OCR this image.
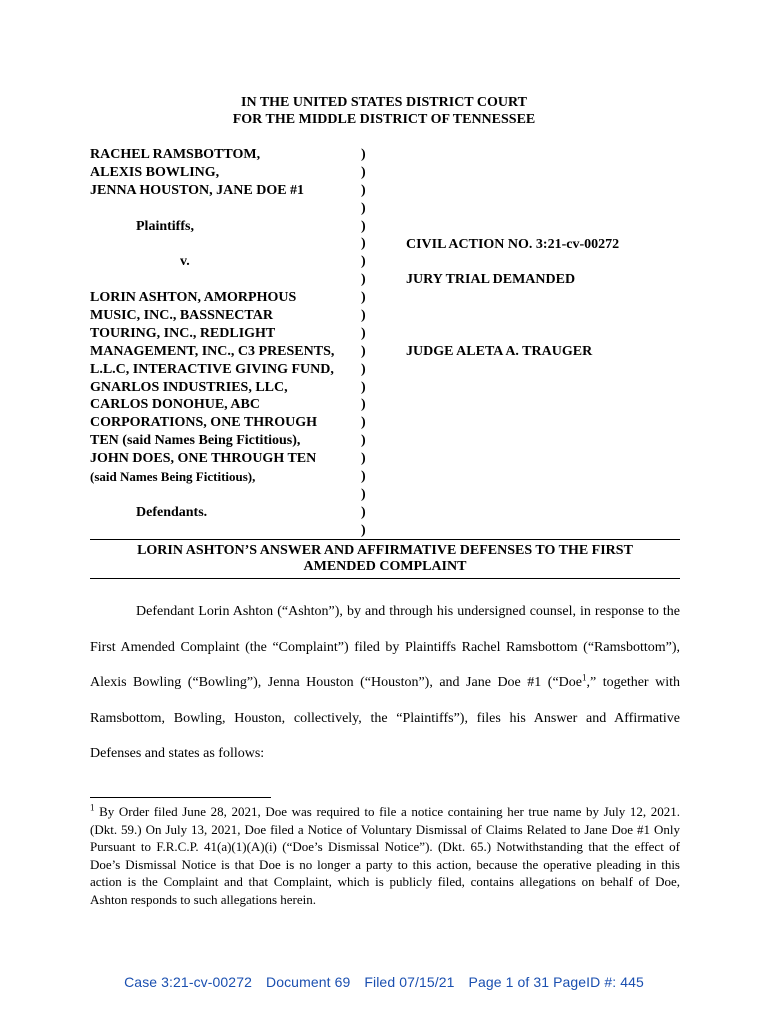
IN THE UNITED STATES DISTRICT COURT
FOR THE MIDDLE DISTRICT OF TENNESSEE
RACHEL RAMSBOTTOM,
ALEXIS BOWLING,
JENNA HOUSTON, JANE DOE #1
Plaintiffs,
v.
LORIN ASHTON, AMORPHOUS
MUSIC, INC., BASSNECTAR
TOURING, INC., REDLIGHT
MANAGEMENT, INC., C3 PRESENTS,
L.L.C, INTERACTIVE GIVING FUND,
GNARLOS INDUSTRIES, LLC,
CARLOS DONOHUE, ABC
CORPORATIONS, ONE THROUGH
TEN (said Names Being Fictitious),
JOHN DOES, ONE THROUGH TEN
(said Names Being Fictitious),
Defendants.
)
)
)
)
)
)
)
)
)
)
)
)
)
)
)
)
)
)
)
)
)
)
CIVIL ACTION NO. 3:21-cv-00272
JURY TRIAL DEMANDED
JUDGE ALETA A. TRAUGER
LORIN ASHTON’S ANSWER AND AFFIRMATIVE DEFENSES TO THE FIRST
AMENDED COMPLAINT

Defendant Lorin Ashton (“Ashton”), by and through his undersigned counsel, in response to the First Amended Complaint (the “Complaint”) filed by Plaintiffs Rachel Ramsbottom (“Ramsbottom”), Alexis Bowling (“Bowling”), Jenna Houston (“Houston”), and Jane Doe #1 (“Doe$^1$,” together with Ramsbottom, Bowling, Houston, collectively, the “Plaintiffs”), files his Answer and Affirmative Defenses and states as follows:

$^1$ By Order filed June 28, 2021, Doe was required to file a notice containing her true name by July 12, 2021. (Dkt. 59.) On July 13, 2021, Doe filed a Notice of Voluntary Dismissal of Claims Related to Jane Doe #1 Only Pursuant to F.R.C.P. 41(a)(1)(A)(i) (“Doe’s Dismissal Notice”). (Dkt. 65.) Notwithstanding that the effect of Doe’s Dismissal Notice is that Doe is no longer a party to this action, because the operative pleading in this action is the Complaint and that Complaint, which is publicly filed, contains allegations on behalf of Doe, Ashton responds to such allegations herein.

Case 3:21-cv-00272 Document 69 Filed 07/15/21 Page 1 of 31 PageID #: 445
